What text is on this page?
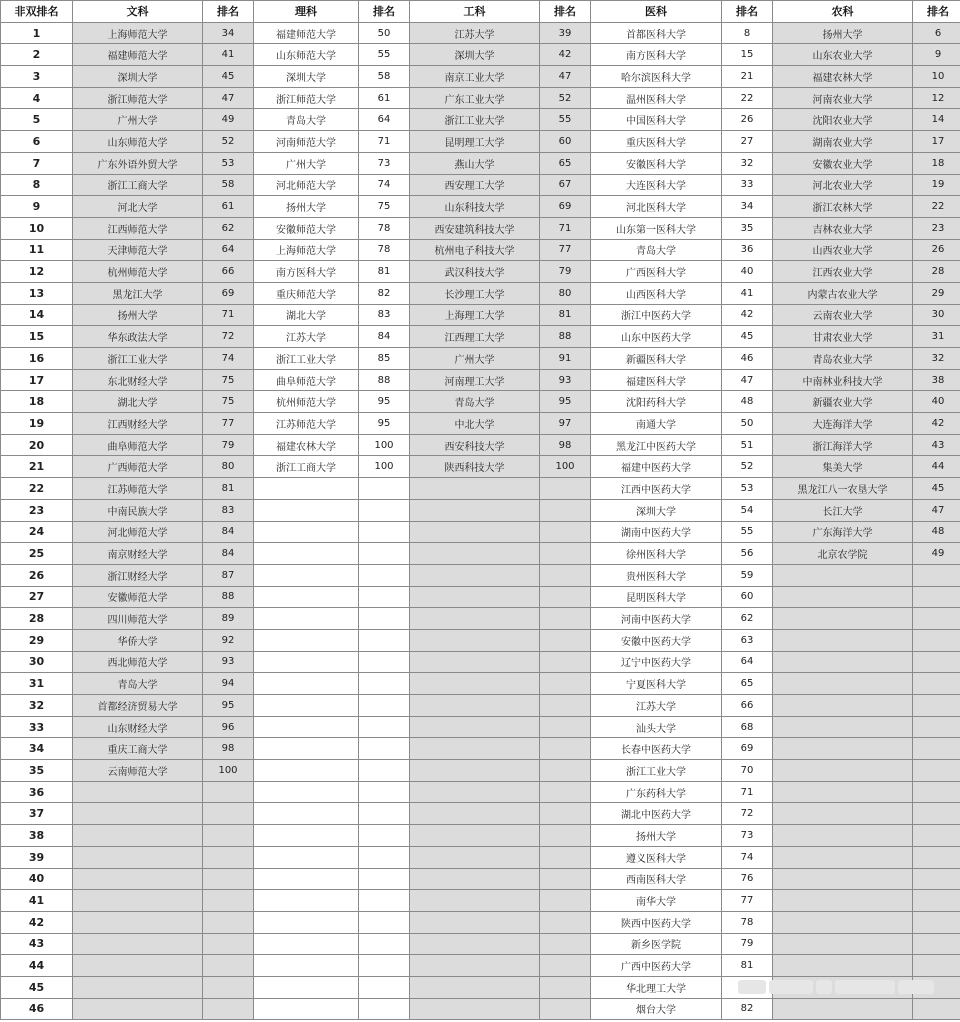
非双排名	文科	排名	理科	排名	工科	排名	医科	排名	农科	排名
1	上海师范大学	34	福建师范大学	50	江苏大学	39	首都医科大学	8	扬州大学	6
2	福建师范大学	41	山东师范大学	55	深圳大学	42	南方医科大学	15	山东农业大学	9
3	深圳大学	45	深圳大学	58	南京工业大学	47	哈尔滨医科大学	21	福建农林大学	10
4	浙江师范大学	47	浙江师范大学	61	广东工业大学	52	温州医科大学	22	河南农业大学	12
5	广州大学	49	青岛大学	64	浙江工业大学	55	中国医科大学	26	沈阳农业大学	14
6	山东师范大学	52	河南师范大学	71	昆明理工大学	60	重庆医科大学	27	湖南农业大学	17
7	广东外语外贸大学	53	广州大学	73	燕山大学	65	安徽医科大学	32	安徽农业大学	18
8	浙江工商大学	58	河北师范大学	74	西安理工大学	67	大连医科大学	33	河北农业大学	19
9	河北大学	61	扬州大学	75	山东科技大学	69	河北医科大学	34	浙江农林大学	22
10	江西师范大学	62	安徽师范大学	78	西安建筑科技大学	71	山东第一医科大学	35	吉林农业大学	23
11	天津师范大学	64	上海师范大学	78	杭州电子科技大学	77	青岛大学	36	山西农业大学	26
12	杭州师范大学	66	南方医科大学	81	武汉科技大学	79	广西医科大学	40	江西农业大学	28
13	黑龙江大学	69	重庆师范大学	82	长沙理工大学	80	山西医科大学	41	内蒙古农业大学	29
14	扬州大学	71	湖北大学	83	上海理工大学	81	浙江中医药大学	42	云南农业大学	30
15	华东政法大学	72	江苏大学	84	江西理工大学	88	山东中医药大学	45	甘肃农业大学	31
16	浙江工业大学	74	浙江工业大学	85	广州大学	91	新疆医科大学	46	青岛农业大学	32
17	东北财经大学	75	曲阜师范大学	88	河南理工大学	93	福建医科大学	47	中南林业科技大学	38
18	湖北大学	75	杭州师范大学	95	青岛大学	95	沈阳药科大学	48	新疆农业大学	40
19	江西财经大学	77	江苏师范大学	95	中北大学	97	南通大学	50	大连海洋大学	42
20	曲阜师范大学	79	福建农林大学	100	西安科技大学	98	黑龙江中医药大学	51	浙江海洋大学	43
21	广西师范大学	80	浙江工商大学	100	陕西科技大学	100	福建中医药大学	52	集美大学	44
22	江苏师范大学	81					江西中医药大学	53	黑龙江八一农垦大学	45
23	中南民族大学	83					深圳大学	54	长江大学	47
24	河北师范大学	84					湖南中医药大学	55	广东海洋大学	48
25	南京财经大学	84					徐州医科大学	56	北京农学院	49
26	浙江财经大学	87					贵州医科大学	59		
27	安徽师范大学	88					昆明医科大学	60		
28	四川师范大学	89					河南中医药大学	62		
29	华侨大学	92					安徽中医药大学	63		
30	西北师范大学	93					辽宁中医药大学	64		
31	青岛大学	94					宁夏医科大学	65		
32	首都经济贸易大学	95					江苏大学	66		
33	山东财经大学	96					汕头大学	68		
34	重庆工商大学	98					长春中医药大学	69		
35	云南师范大学	100					浙江工业大学	70		
36							广东药科大学	71		
37							湖北中医药大学	72		
38							扬州大学	73		
39							遵义医科大学	74		
40							西南医科大学	76		
41							南华大学	77		
42							陕西中医药大学	78		
43							新乡医学院	79		
44							广西中医药大学	81		
45							华北理工大学			
46							烟台大学	82		
